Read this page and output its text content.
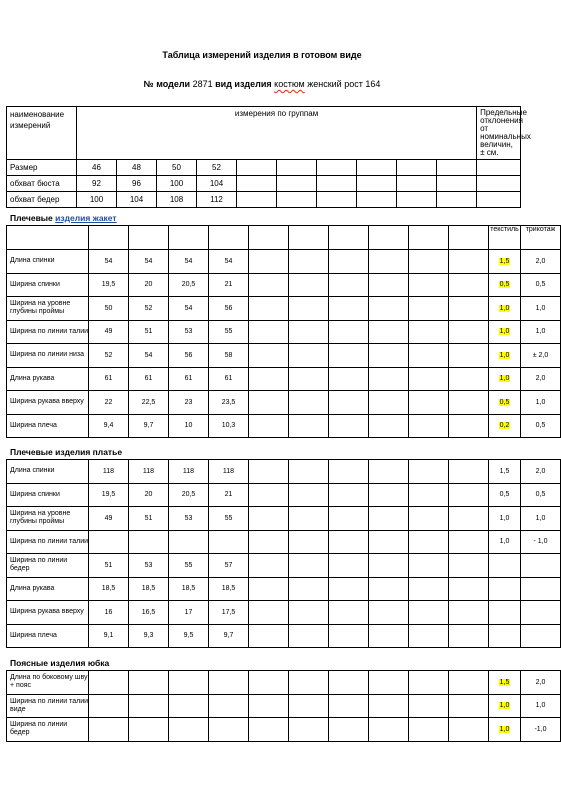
Таблица измерений изделия в готовом виде
№ модели 2871 вид изделия костюм женский рост 164
наименование измерений	измерения по группам										Предельные отклонения от номинальных величин, ± см.
Размер	46	48	50	52							
обхват бюста	92	96	100	104							
обхват бедер	100	104	108	112							
Плечевые изделия жакет
											текстиль	трикотаж
Длина спинки	54	54	54	54							1,5	2,0
Ширина спинки	19,5	20	20,5	21							0,5	0,5
Ширина на уровне глубины проймы	50	52	54	56							1,0	1,0
Ширина по линии талии	49	51	53	55							1,0	1,0
Ширина по линии низа	52	54	56	58							1,0	± 2,0
Длина рукава	61	61	61	61							1,0	2,0
Ширина рукава вверху	22	22,5	23	23,5							0,5	1,0
Ширина плеча	9,4	9,7	10	10,3							0,2	0,5
Плечевые изделия платье
Длина спинки	118	118	118	118							1,5	2,0
Ширина спинки	19,5	20	20,5	21							0,5	0,5
Ширина на уровне глубины проймы	49	51	53	55							1,0	1,0
Ширина по линии талии											1,0	- 1,0
Ширина по линии бедер	51	53	55	57								
Длина рукава	18,5	18,5	18,5	18,5								
Ширина рукава вверху	16	16,5	17	17,5								
Ширина плеча	9,1	9,3	9,5	9,7								
Поясные изделия юбка
Длина по боковому шву + пояс											1,5	2,0
Ширина по линии талии виде											1,0	1,0
Ширина по линии бедер											1,0	-1,0
